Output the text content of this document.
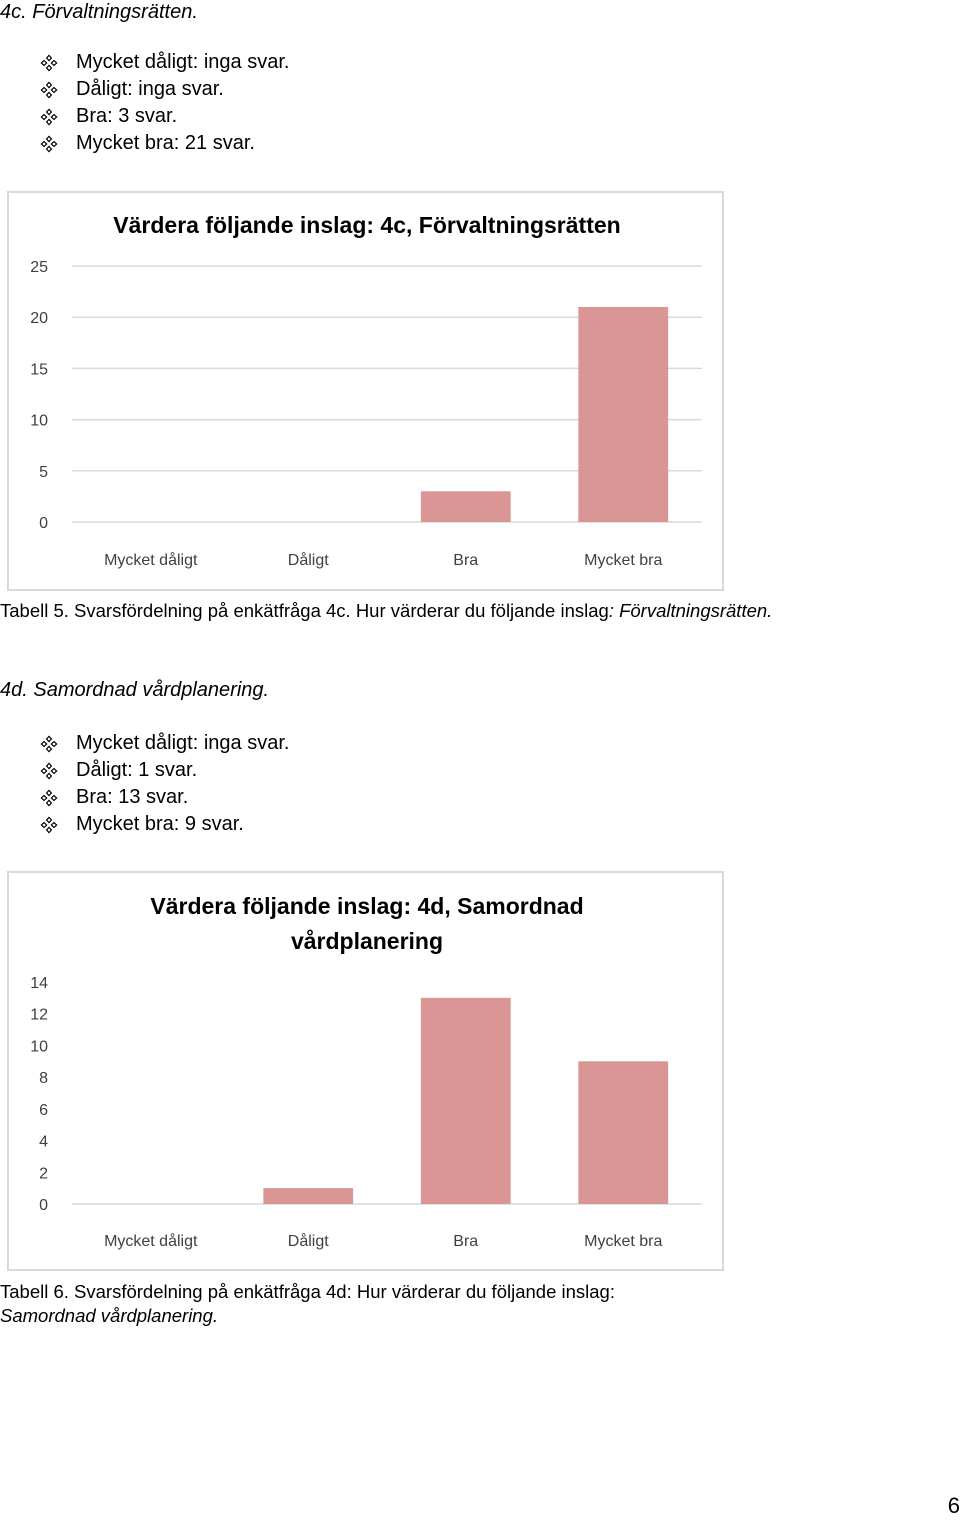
4c. Förvaltningsrätten.
Mycket dåligt: inga svar.
Dåligt: inga svar.
Bra: 3 svar.
Mycket bra: 21 svar.
Värdera följande inslag: 4c, Förvaltningsrätten
0
5
10
15
20
25
Mycket dåligt	Dåligt	Bra	Mycket bra
Tabell 5. Svarsfördelning på enkätfråga 4c. Hur värderar du följande inslag: Förvaltningsrätten.
4d. Samordnad vårdplanering.
Mycket dåligt: inga svar.
Dåligt: 1 svar.
Bra: 13 svar.
Mycket bra: 9 svar.
Värdera följande inslag: 4d, Samordnad
vårdplanering
0
2
4
6
8
10
12
14
Mycket dåligt	Dåligt	Bra	Mycket bra
Tabell 6. Svarsfördelning på enkätfråga 4d: Hur värderar du följande inslag:
Samordnad vårdplanering.
6
